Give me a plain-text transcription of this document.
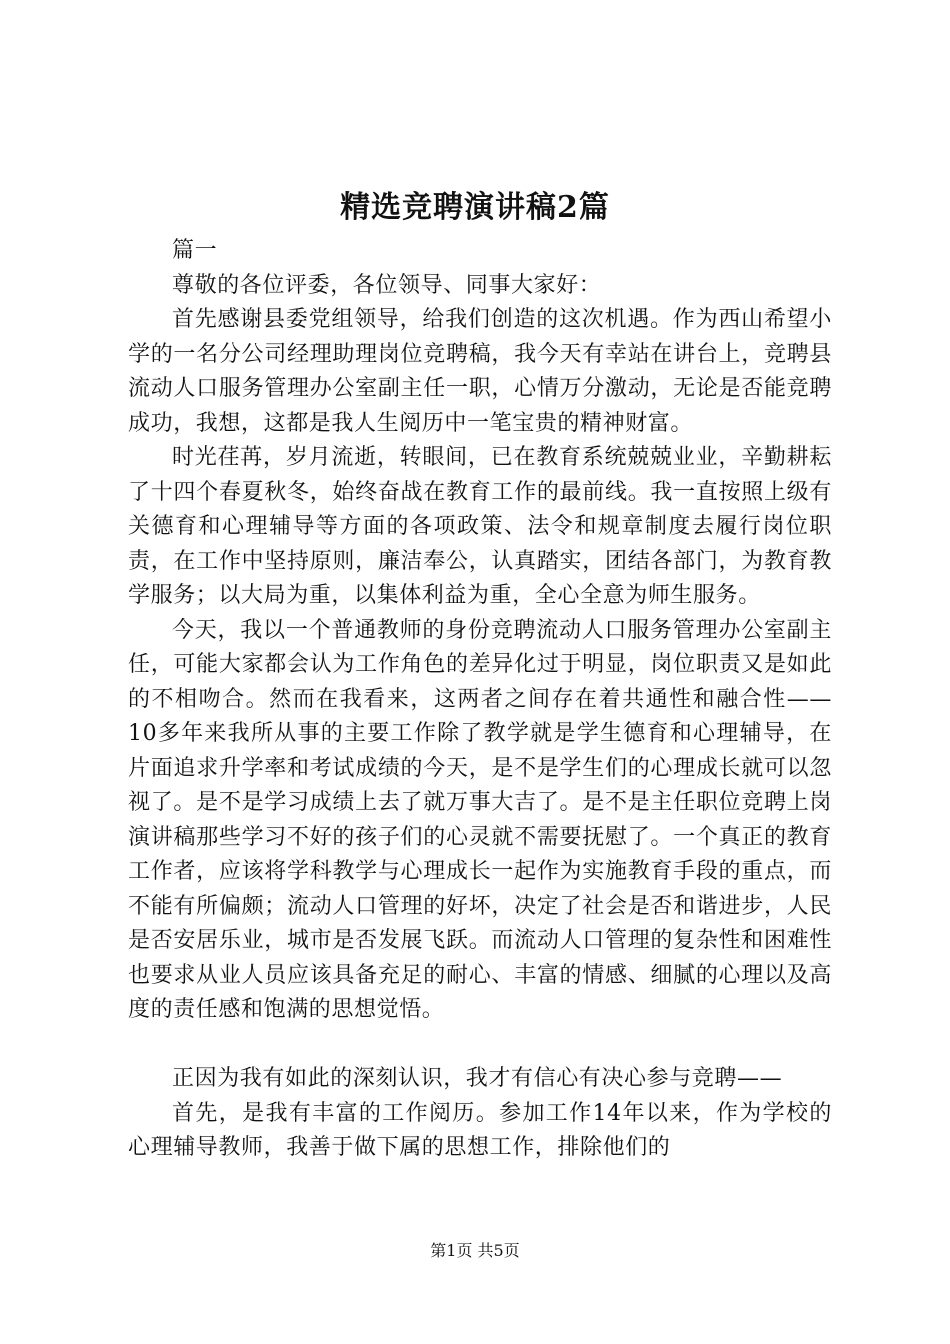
精选竞聘演讲稿2篇

篇一

尊敬的各位评委，各位领导、同事大家好：

首先感谢县委党组领导，给我们创造的这次机遇。作为西山希望小学的一名分公司经理助理岗位竞聘稿，我今天有幸站在讲台上，竞聘县流动人口服务管理办公室副主任一职，心情万分激动，无论是否能竞聘成功，我想，这都是我人生阅历中一笔宝贵的精神财富。

时光荏苒，岁月流逝，转眼间，已在教育系统兢兢业业，辛勤耕耘了十四个春夏秋冬，始终奋战在教育工作的最前线。我一直按照上级有关德育和心理辅导等方面的各项政策、法令和规章制度去履行岗位职责，在工作中坚持原则，廉洁奉公，认真踏实，团结各部门，为教育教学服务；以大局为重，以集体利益为重，全心全意为师生服务。

今天，我以一个普通教师的身份竞聘流动人口服务管理办公室副主任，可能大家都会认为工作角色的差异化过于明显，岗位职责又是如此的不相吻合。然而在我看来，这两者之间存在着共通性和融合性——10多年来我所从事的主要工作除了教学就是学生德育和心理辅导，在片面追求升学率和考试成绩的今天，是不是学生们的心理成长就可以忽视了。是不是学习成绩上去了就万事大吉了。是不是主任职位竞聘上岗演讲稿那些学习不好的孩子们的心灵就不需要抚慰了。一个真正的教育工作者，应该将学科教学与心理成长一起作为实施教育手段的重点，而不能有所偏颇；流动人口管理的好坏，决定了社会是否和谐进步，人民是否安居乐业，城市是否发展飞跃。而流动人口管理的复杂性和困难性也要求从业人员应该具备充足的耐心、丰富的情感、细腻的心理以及高度的责任感和饱满的思想觉悟。

正因为我有如此的深刻认识，我才有信心有决心参与竞聘——

首先，是我有丰富的工作阅历。参加工作14年以来，作为学校的心理辅导教师，我善于做下属的思想工作，排除他们的

第1页 共5页
